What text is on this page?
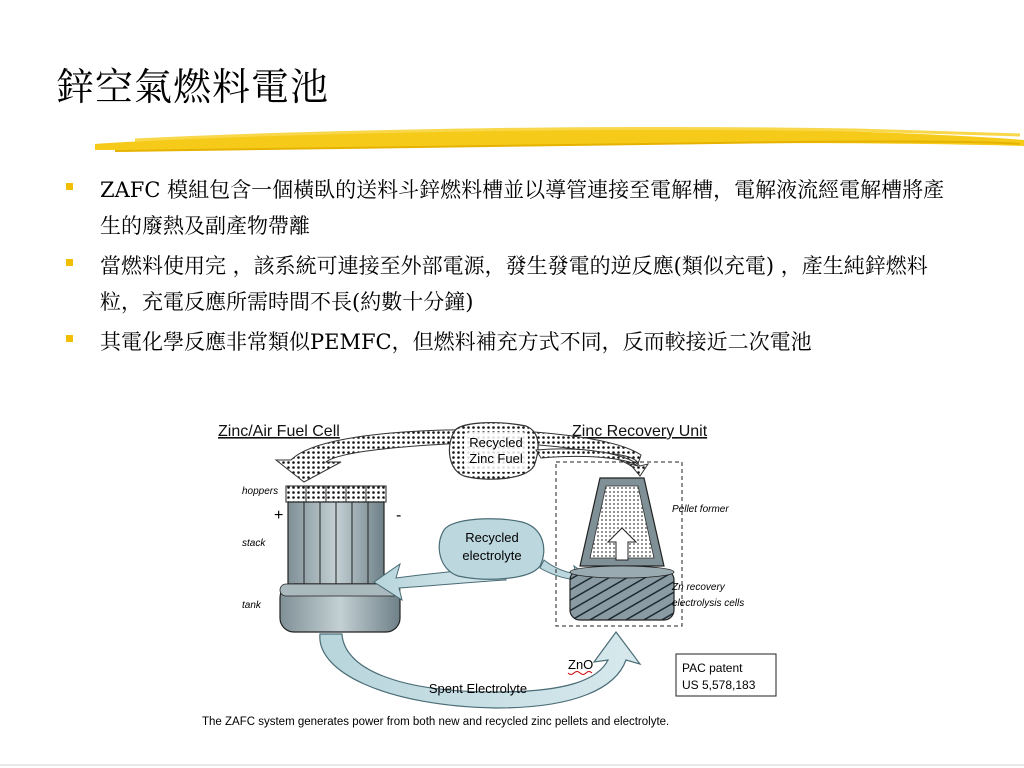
鋅空氣燃料電池
ZAFC 模組包含一個橫臥的送料斗鋅燃料槽並以導管連接至電解槽，電解液流經電解槽將產生的廢熱及副產物帶離
當燃料使用完 ，該系統可連接至外部電源，發生發電的逆反應(類似充電) ，產生純鋅燃料粒，充電反應所需時間不長(約數十分鐘)
其電化學反應非常類似PEMFC，但燃料補充方式不同，反而較接近二次電池
Zinc/Air Fuel Cell	Zinc Recovery Unit
Recycled
Zinc Fuel
hoppers
+	-
stack
tank
Recycled
electrolyte
Pellet former
Zn recovery
electrolysis cells
Spent Electrolyte
ZnO	PAC patent
US 5,578,183
The ZAFC system generates power from both new and recycled zinc pellets and electrolyte.
